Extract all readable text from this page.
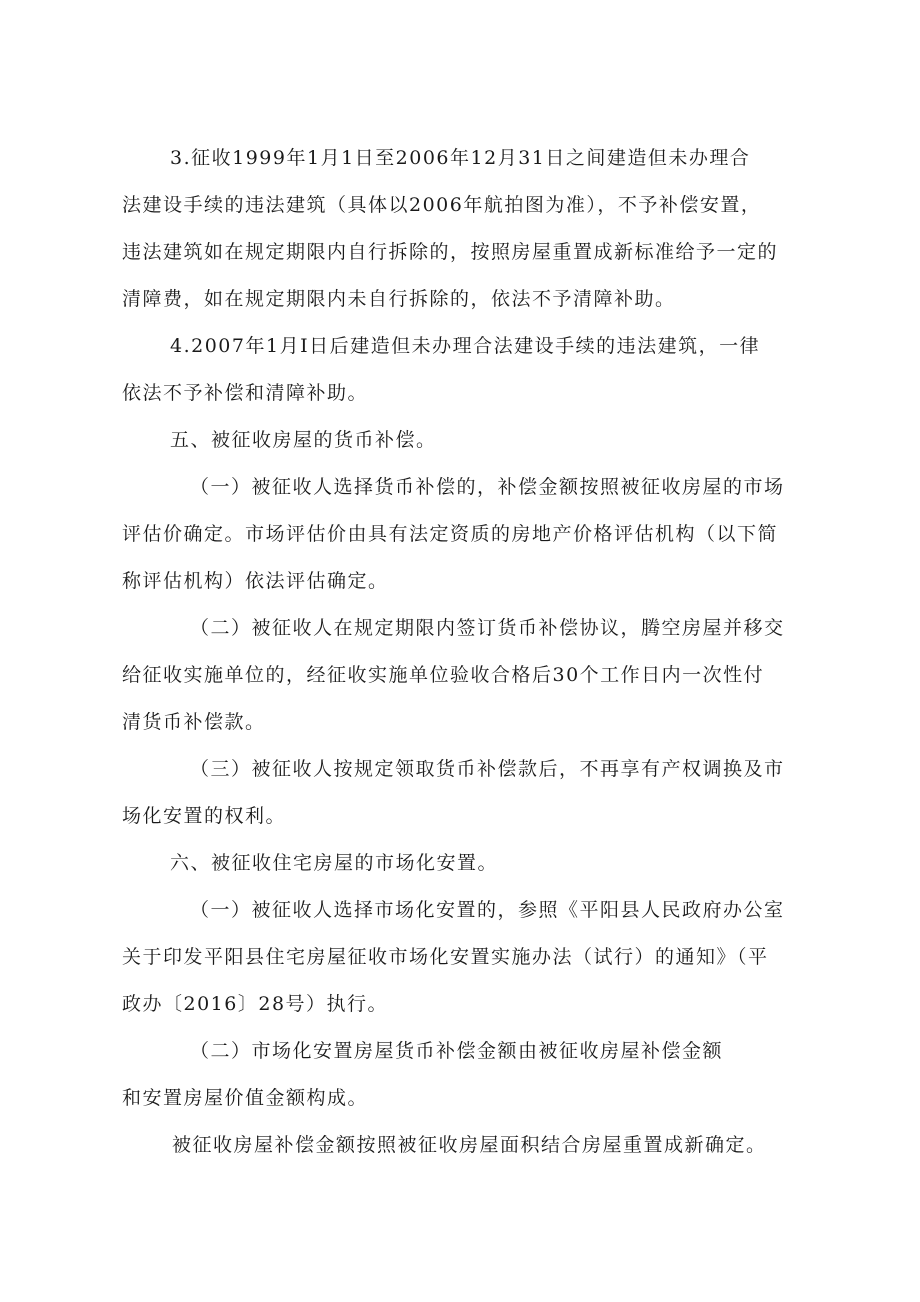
3.征收1999年1月1日至2006年12月31日之间建造但未办理合
法建设手续的违法建筑（具体以2006年航拍图为准），不予补偿安置，
违法建筑如在规定期限内自行拆除的，按照房屋重置成新标准给予一定的
清障费，如在规定期限内未自行拆除的，依法不予清障补助。
4.2007年1月I日后建造但未办理合法建设手续的违法建筑，一律
依法不予补偿和清障补助。
五、被征收房屋的货币补偿。
（一）被征收人选择货币补偿的，补偿金额按照被征收房屋的市场
评估价确定。市场评估价由具有法定资质的房地产价格评估机构（以下简
称评估机构）依法评估确定。
（二）被征收人在规定期限内签订货币补偿协议，腾空房屋并移交
给征收实施单位的，经征收实施单位验收合格后30个工作日内一次性付
清货币补偿款。
（三）被征收人按规定领取货币补偿款后，不再享有产权调换及市
场化安置的权利。
六、被征收住宅房屋的市场化安置。
（一）被征收人选择市场化安置的，参照《平阳县人民政府办公室
关于印发平阳县住宅房屋征收市场化安置实施办法（试行）的通知》（平
政办〔2016〕28号）执行。
（二）市场化安置房屋货币补偿金额由被征收房屋补偿金额
和安置房屋价值金额构成。
被征收房屋补偿金额按照被征收房屋面积结合房屋重置成新确定。
